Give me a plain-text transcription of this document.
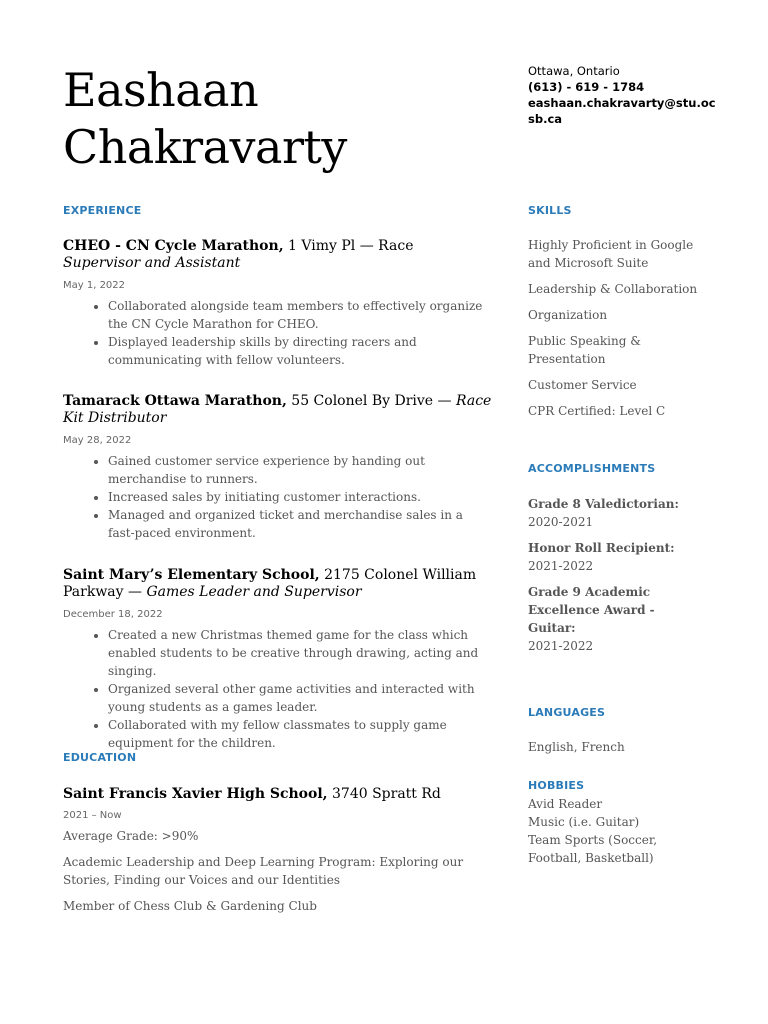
Eashaan
Chakravarty
Ottawa, Ontario
(613) - 619 - 1784
eashaan.chakravarty@stu.ocsb.ca
EXPERIENCE
CHEO - CN Cycle Marathon, 1 Vimy Pl — Race Supervisor and Assistant
May 1, 2022
• Collaborated alongside team members to effectively organize the CN Cycle Marathon for CHEO.
• Displayed leadership skills by directing racers and communicating with fellow volunteers.
Tamarack Ottawa Marathon, 55 Colonel By Drive — Race Kit Distributor
May 28, 2022
• Gained customer service experience by handing out merchandise to runners.
• Increased sales by initiating customer interactions.
• Managed and organized ticket and merchandise sales in a fast-paced environment.
Saint Mary’s Elementary School, 2175 Colonel William Parkway — Games Leader and Supervisor
December 18, 2022
• Created a new Christmas themed game for the class which enabled students to be creative through drawing, acting and singing.
• Organized several other game activities and interacted with young students as a games leader.
• Collaborated with my fellow classmates to supply game equipment for the children.
EDUCATION
Saint Francis Xavier High School, 3740 Spratt Rd
2021 – Now
Average Grade: >90%
Academic Leadership and Deep Learning Program: Exploring our Stories, Finding our Voices and our Identities
Member of Chess Club & Gardening Club
SKILLS
Highly Proficient in Google and Microsoft Suite
Leadership & Collaboration
Organization
Public Speaking & Presentation
Customer Service
CPR Certified: Level C
ACCOMPLISHMENTS
Grade 8 Valedictorian:
2020-2021
Honor Roll Recipient:
2021-2022
Grade 9 Academic Excellence Award - Guitar:
2021-2022
LANGUAGES
English, French
HOBBIES
Avid Reader
Music (i.e. Guitar)
Team Sports (Soccer, Football, Basketball)
